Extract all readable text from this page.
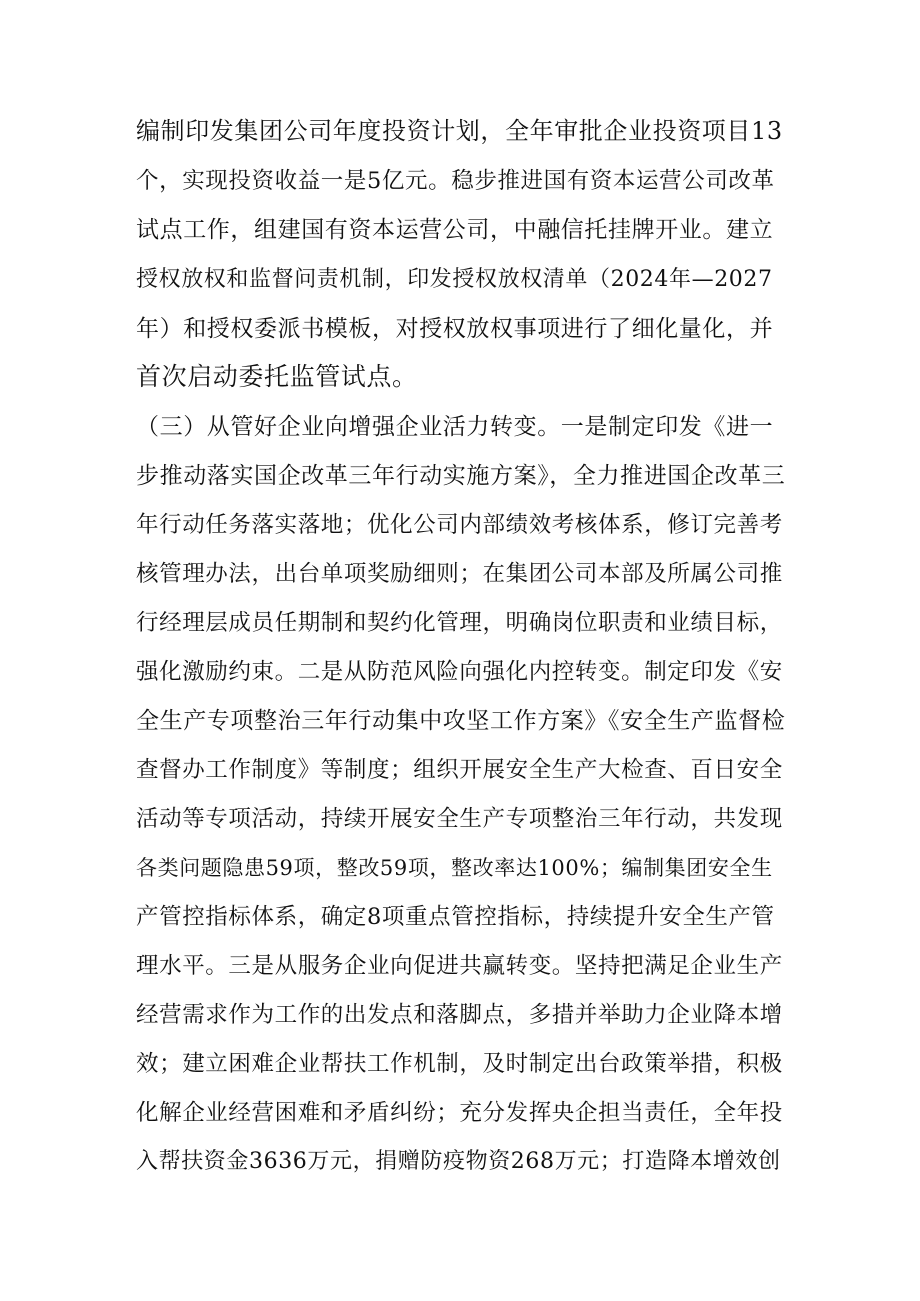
编制印发集团公司年度投资计划，全年审批企业投资项目13
个，实现投资收益一是5亿元。稳步推进国有资本运营公司改革
试点工作，组建国有资本运营公司，中融信托挂牌开业。建立
授权放权和监督问责机制，印发授权放权清单（2024年—2027
年）和授权委派书模板，对授权放权事项进行了细化量化，并
首次启动委托监管试点。
（三）从管好企业向增强企业活力转变。一是制定印发《进一
步推动落实国企改革三年行动实施方案》，全力推进国企改革三
年行动任务落实落地；优化公司内部绩效考核体系，修订完善考
核管理办法，出台单项奖励细则；在集团公司本部及所属公司推
行经理层成员任期制和契约化管理，明确岗位职责和业绩目标，
强化激励约束。二是从防范风险向强化内控转变。制定印发《安
全生产专项整治三年行动集中攻坚工作方案》《安全生产监督检
查督办工作制度》等制度；组织开展安全生产大检查、百日安全
活动等专项活动，持续开展安全生产专项整治三年行动，共发现
各类问题隐患59项，整改59项，整改率达100%；编制集团安全生
产管控指标体系，确定8项重点管控指标，持续提升安全生产管
理水平。三是从服务企业向促进共赢转变。坚持把满足企业生产
经营需求作为工作的出发点和落脚点，多措并举助力企业降本增
效；建立困难企业帮扶工作机制，及时制定出台政策举措，积极
化解企业经营困难和矛盾纠纷；充分发挥央企担当责任，全年投
入帮扶资金3636万元，捐赠防疫物资268万元；打造降本增效创
